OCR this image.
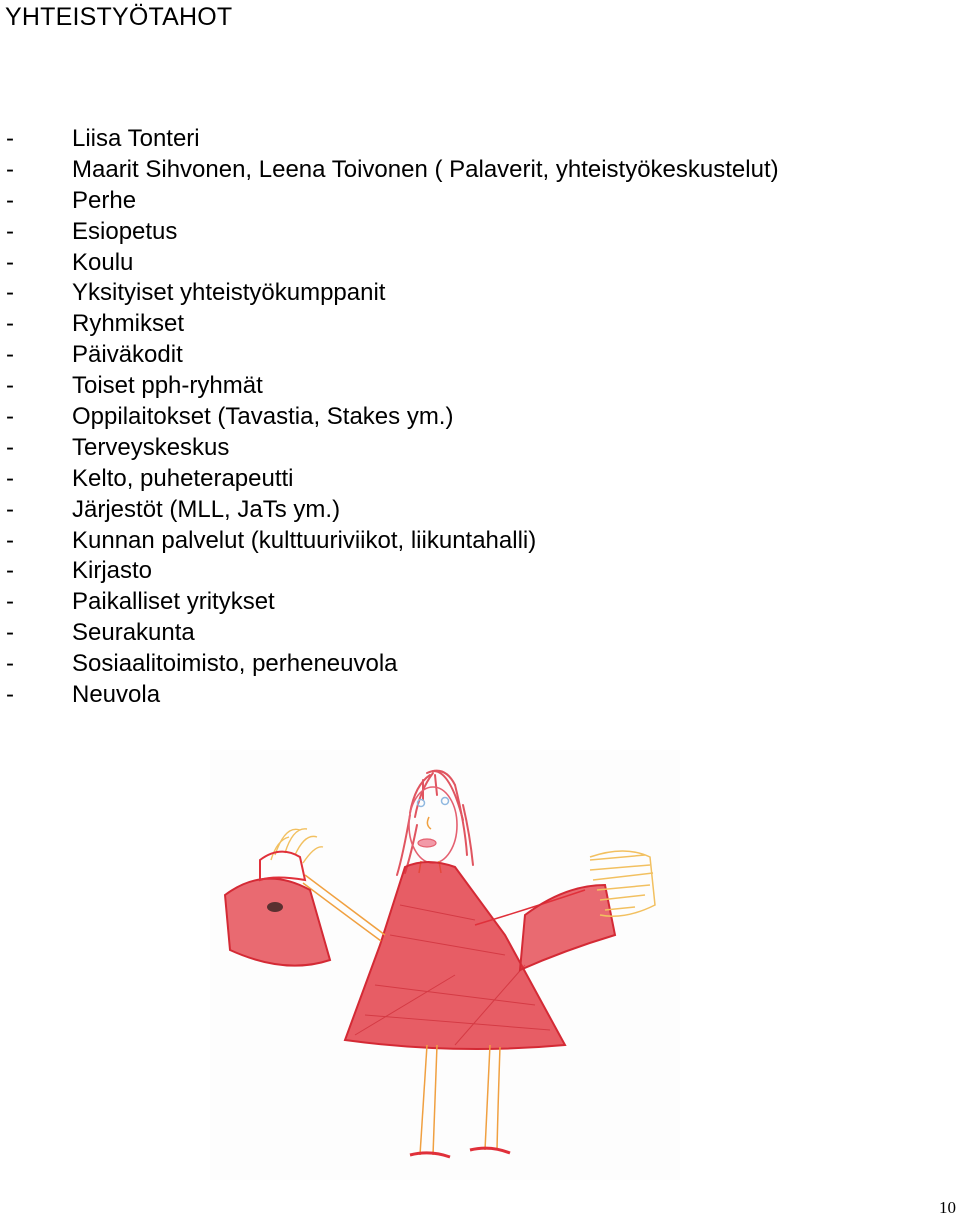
YHTEISTYÖTAHOT
- Liisa Tonteri
- Maarit Sihvonen, Leena Toivonen ( Palaverit, yhteistyökeskustelut)
- Perhe
- Esiopetus
- Koulu
- Yksityiset yhteistyökumppanit
- Ryhmikset
- Päiväkodit
- Toiset pph-ryhmät
- Oppilaitokset (Tavastia, Stakes ym.)
- Terveyskeskus
- Kelto, puheterapeutti
- Järjestöt (MLL, JaTs ym.)
- Kunnan palvelut (kulttuuriviikot, liikuntahalli)
- Kirjasto
- Paikalliset yritykset
- Seurakunta
- Sosiaalitoimisto, perheneuvola
- Neuvola
10
